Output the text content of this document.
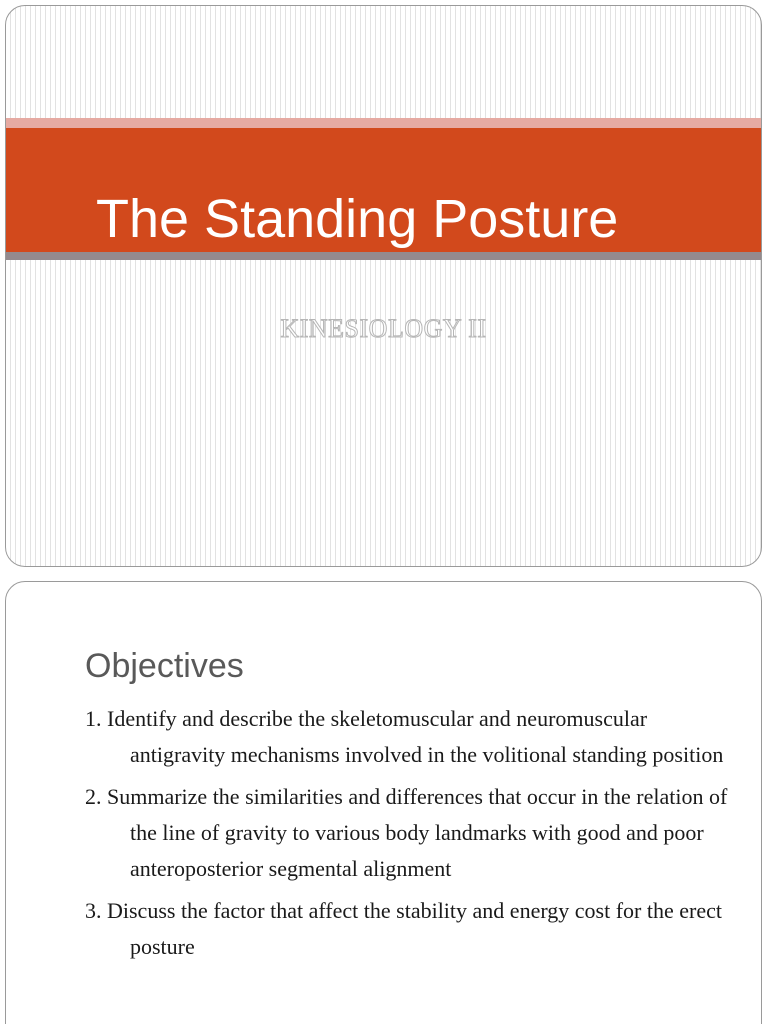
The Standing Posture
KINESIOLOGY II
Objectives
1. Identify and describe the skeletomuscular and neuromuscular antigravity mechanisms involved in the volitional standing position
2. Summarize the similarities and differences that occur in the relation of the line of gravity to various body landmarks with good and poor anteroposterior segmental alignment
3. Discuss the factor that affect the stability and energy cost for the erect posture
